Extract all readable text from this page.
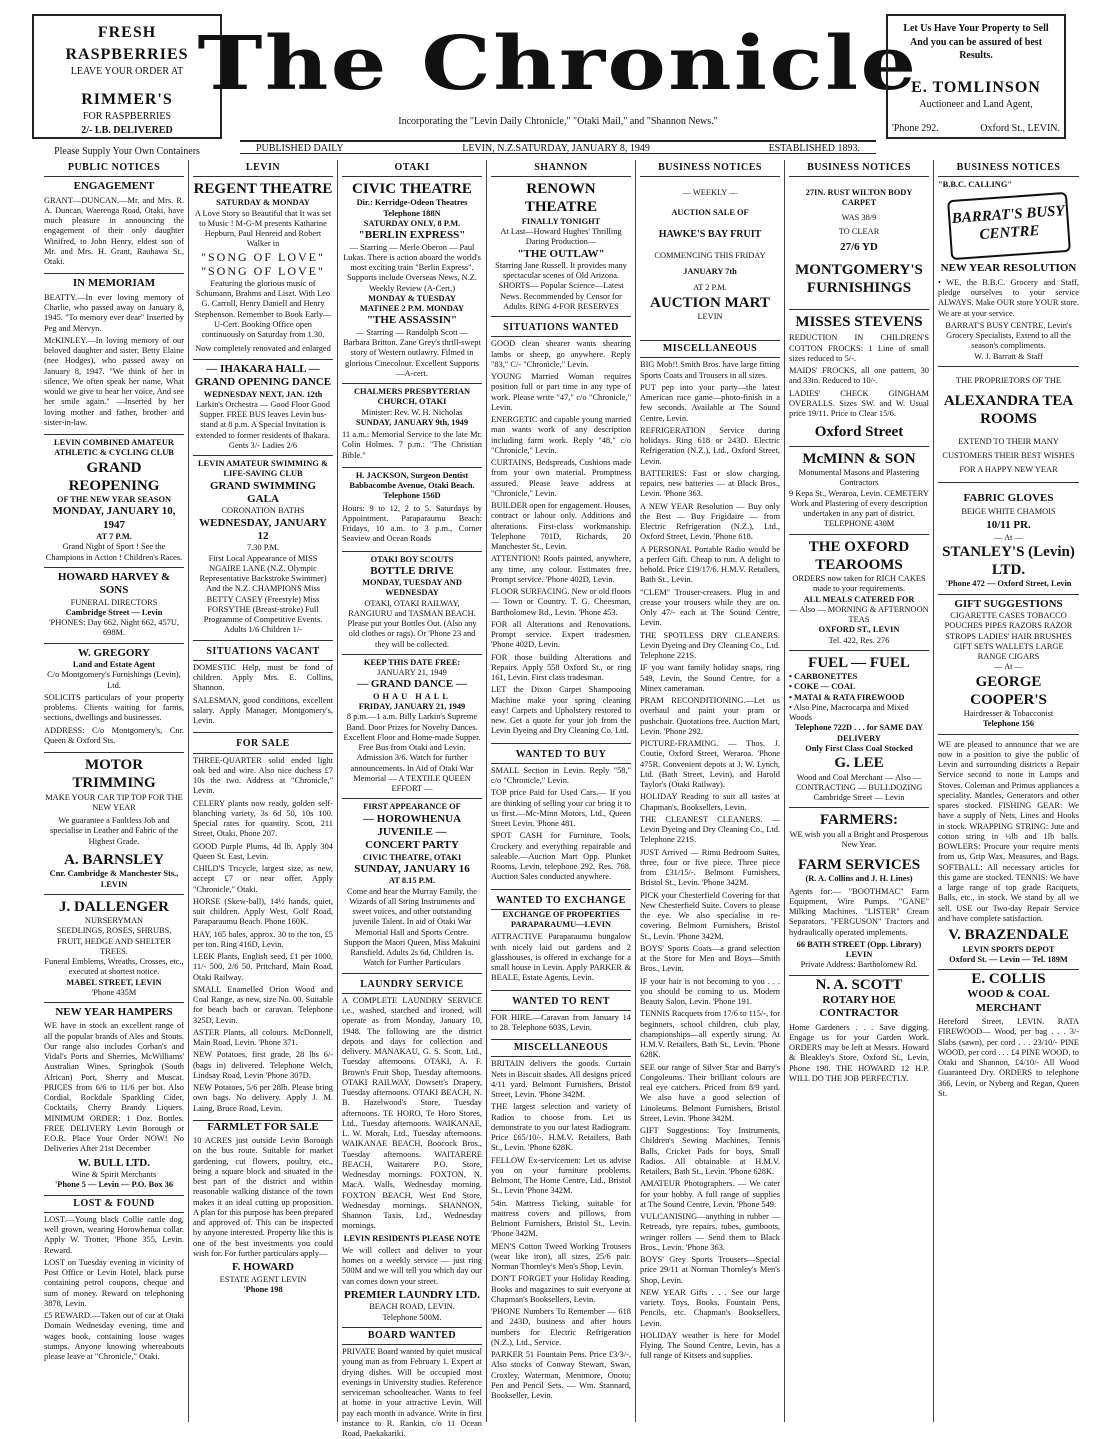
FRESH RASPBERRIES
LEAVE YOUR ORDER AT
RIMMER'S
FOR RASPBERRIES
2/- LB. DELIVERED
Please Supply Your Own Containers
The Chronicle
Incorporating the "Levin Daily Chronicle," "Otaki Mail," and "Shannon News."
PUBLISHED DAILY	LEVIN, N.Z.SATURDAY, JANUARY 8, 1949	ESTABLISHED 1893.
Let Us Have Your Property to Sell
And you can be assured of best Results.
E. TOMLINSON
Auctioneer and Land Agent,
'Phone 292.	Oxford St., LEVIN.
PUBLIC NOTICES
ENGAGEMENT
GRANT—DUNCAN.—Mr. and Mrs. R. A. Duncan, Waerenga Road, Otaki, have much pleasure in announcing the engagement of their only daughter Winifred, to John Henry, eldest son of Mr. and Mrs. H. Grant, Rauhawa St., Otaki.
IN MEMORIAM
BEATTY.—In ever loving memory of Charlie, who passed away on January 8, 1945. "To memory ever dear" Inserted by Peg and Mervyn.
McKINLEY.—In loving memory of our beloved daughter and sister, Betty Elaine (nee Hodges), who passed away on January 8, 1947. "We think of her in silence, We often speak her name, What would we give to hear her voice, And see her smile again." —Inserted by her loving mother and father, brother and sister-in-law.
LEVIN COMBINED AMATEUR ATHLETIC & CYCLING CLUB
GRAND REOPENING
OF THE NEW YEAR SEASON
MONDAY, JANUARY 10, 1947
AT 7 P.M.
Grand Night of Sport ! See the Champions in Action ! Children's Races.
HOWARD HARVEY & SONS
FUNERAL DIRECTORS
Cambridge Street — Levin
'PHONES: Day 662, Night 662, 457U, 698M.
W. GREGORY
Land and Estate Agent
C/o Montgomery's Furnishings (Levin), Ltd.
SOLICITS particulars of your property problems. Clients waiting for farms, sections, dwellings and businesses.
ADDRESS: C/o Montgomery's, Cnr. Queen & Oxford Sts.
MOTOR TRIMMING
MAKE YOUR CAR TIP TOP FOR THE NEW YEAR
We guarantee a Faultless Job and specialise in Leather and Fabric of the Highest Grade.
A. BARNSLEY
Cnr. Cambridge & Manchester Sts., LEVIN
J. DALLENGER
NURSERYMAN
SEEDLINGS, ROSES, SHRUBS, FRUIT, HEDGE AND SHELTER TREES.
Funeral Emblems, Wreaths, Crosses, etc., executed at shortest notice.
MABEL STREET, LEVIN
'Phone 435M
NEW YEAR HAMPERS
WE have in stock an excellent range of all the popular brands of Ales and Stouts. Our range also includes Corban's and Vidal's Ports and Sherries, McWilliams' Australian Wines, Springbok (South African) Port, Sherry and Muscat. PRICES from 6/6 to 11/6 per bot. Also Cordial, Rockdale Sparkling Cider, Cocktails, Cherry Brandy Liquers. MINIMUM ORDER: 1 Doz. Bottles. FREE DELIVERY Levin Borough or F.O.R. Place Your Order NOW! No Deliveries After 21st December
W. BULL LTD.
Wine & Spirit Merchants
'Phone 5 — Levin — P.O. Box 36
LOST & FOUND
LOST.—Young black Collie cattle dog, well grown, wearing Horowhenua collar. Apply W. Trotter, 'Phone 355, Levin. Reward.
LOST on Tuesday evening in vicinity of Post Office or Levin Hotel, black purse containing petrol coupons, cheque and sum of money. Reward on telephoning 3878, Levin.
£5 REWARD.—Taken out of car at Otaki Domain Wednesday evening, time and wages book, containing loose wages stamps. Anyone knowing whereabouts please leave at "Chronicle," Otaki.
LEVIN
REGENT THEATRE
SATURDAY & MONDAY
A Love Story so Beautiful that It was set to Music ! M-G-M presents Katharine Hepburn, Paul Henreid and Robert Walker in
"SONG OF LOVE"
"SONG OF LOVE"
Featuring the glorious music of Schumann, Brahms and Liszt. With Leo G. Carroll, Henry Daniell and Henry Stephenson. Remember to Book Early—U-Cert. Booking Office open continuously on Saturday from 1.30.
Now completely renovated and enlarged
— IHAKARA HALL —
GRAND OPENING DANCE
WEDNESDAY NEXT, JAN. 12th
Larkin's Orchestra — Good Floor Good Supper. FREE BUS leaves Levin bus-stand at 8 p.m. A Special Invitation is extended to former residents of Ihakara.
Gents 3/- Ladies 2/6
LEVIN AMATEUR SWIMMING & LIFE-SAVING CLUB
GRAND SWIMMING GALA
CORONATION BATHS
WEDNESDAY, JANUARY 12
7.30 P.M.
First Local Appearance of MISS NGAIRE LANE (N.Z. Olympic Representative Backstroke Swimmer) And the N.Z. CHAMPIONS Miss BETTY CASEY (Freestyle) Miss FORSYTHE (Breast-stroke) Full Programme of Competitive Events.
Adults 1/6 Children 1/-
SITUATIONS VACANT
DOMESTIC Help, must be fond of children. Apply Mrs. E. Collins, Shannon.
SALESMAN, good conditions, excellent salary. Apply Manager, Montgomery's, Levin.
FOR SALE
THREE-QUARTER solid ended light oak bed and wire. Also nice duchess £7 10s the two. Address at "Chronicle," Levin.
CELERY plants now ready, golden self-blanching variety, 3s 6d 50, 10s 100. Special rates for quantity. Scott, 211 Street, Otaki. Phone 207.
GOOD Purple Plums, 4d lb. Apply 304 Queen St. East, Levin.
CHILD'S Tricycle, largest size, as new, accept £7 or near offer. Apply "Chronicle," Otaki.
HORSE (Skew-ball), 14½ hands, quiet, suit children. Apply West, Golf Road, Paraparaumu Beach. Phone 160K.
HAY, 165 bales, approx. 30 to the ton, £5 per ton. Ring 416D, Levin.
LEEK Plants, English seed, £1 per 1000, 11/- 500, 2/6 50. Pritchard, Main Road, Otaki Railway.
SMALL Enamelled Orion Wood and Coal Range, as new, size No. 00. Suitable for beach bach or caravan. Telephone 325D, Levin.
ASTER Plants, all colours. McDonnell, Main Road, Levin. 'Phone 371.
NEW Potatoes, first grade, 28 lbs 6/- (bags in) delivered. Telephone Welch, Lindsay Road, Levin 'Phone 307D.
NEW Potatoes, 5/6 per 28lb. Please bring own bags. No delivery. Apply J. M. Laing, Bruce Road, Levin.
FARMLET FOR SALE
10 ACRES just outside Levin Borough on the bus route. Suitable for market gardening, cut flowers, poultry, etc., being a square block and situated in the best part of the district and within reasonable walking distance of the town makes it an ideal cutting up proposition. A plan for this purpose has been prepared and approved of. This can be inspected by anyone interested. Property like this is one of the best investments you could wish for. For further particulars apply—
F. HOWARD
ESTATE AGENT LEVIN
'Phone 198
OTAKI
CIVIC THEATRE
Dir.: Kerridge-Odeon Theatres Telephone 188N
SATURDAY ONLY, 8 P.M.
"BERLIN EXPRESS"
— Starring — Merle Oberon — Paul Lukas. There is action aboard the world's most exciting train "Berlin Express". Supports include Overseas News, N.Z. Weekly Review (A-Cert.)
MONDAY & TUESDAY
MATINEE 2 P.M. MONDAY
"THE ASSASSIN"
— Starring — Randolph Scott — Barbara Britton. Zane Grey's thrill-swept story of Western outlawry. Filmed in glorious Cinecolour. Excellent Supports—A-cert.
CHALMERS PRESBYTERIAN CHURCH, OTAKI
Minister: Rev. W. H. Nicholas
SUNDAY, JANUARY 9th, 1949
11 a.m.: Memorial Service to the late Mr. Colin Holmes. 7 p.m.: "The Christian Bible."
H. JACKSON, Surgeon Dentist
Babbacombe Avenue, Otaki Beach. Telephone 156D
Hours: 9 to 12, 2 to 5. Saturdays by Appointment. Paraparaumu Beach: Fridays, 10 a.m. to 3 p.m., Corner Seaview and Ocean Roads
OTAKI BOY SCOUTS
BOTTLE DRIVE
MONDAY, TUESDAY AND WEDNESDAY
OTAKI, OTAKI RAILWAY, RANGIURU and TASMAN BEACH. Please put your Bottles Out. (Also any old clothes or rags). Or 'Phone 23 and they will be collected.
KEEP THIS DATE FREE:
JANUARY 21, 1949
— GRAND DANCE —
OHAU HALL
FRIDAY, JANUARY 21, 1949
8 p.m.—1 a.m. Billy Larkin's Supreme Band. Door Prizes for Novelty Dances. Excellent Floor and Home-made Supper. Free Bus from Otaki and Levin. Admission 3/6. Watch for further announcements. In Aid of Otaki War Memorial — A TEXTILE QUEEN EFFORT —
FIRST APPEARANCE OF
— HOROWHENUA JUVENILE —
CONCERT PARTY
CIVIC THEATRE, OTAKI
SUNDAY, JANUARY 16
AT 8.15 P.M.
Come and hear the Murray Family, the Wizards of all String Instruments and sweet voices, and other outstanding juvenile Talent. In aid of Otaki War Memorial Hall and Sports Centre. Support the Maori Queen, Miss Makuini Ransfield. Adults 2s 6d, Children 1s. Watch for Further Particulars
LAUNDRY SERVICE
A COMPLETE LAUNDRY SERVICE i.e., washed, starched and ironed, will operate as from Monday, January 10, 1948. The following are the district depots and days for collection and delivery. MANAKAU, G. S. Scott, Ltd., Tuesday afternoons. OTAKI, A. F. Brown's Fruit Shop, Tuesday afternoons. OTAKI RAILWAY, Dowsett's Drapery, Tuesday afternoons. OTAKI BEACH, N. B. Hazelwood's Store, Tuesday afternoons. TE HORO, Te Horo Stores, Ltd., Tuesday afternoons. WAIKANAE, L. W. Morah, Ltd., Tuesday afternoons. WAIKANAE BEACH, Boocock Bros., Tuesday afternoons. WAITARERE BEACH, Waitarere P.O. Store, Wednesday mornings. FOXTON, N. MacA. Walls, Wednesday morning. FOXTON BEACH, West End Store, Wednesday mornings. SHANNON, Shannon Taxis, Ltd., Wednesday mornings.
LEVIN RESIDENTS PLEASE NOTE
We will collect and deliver to your homes on a weekly service — just ring 500M and we will tell you which day our van comes down your street.
PREMIER LAUNDRY LTD.
BEACH ROAD, LEVIN.
Telephone 500M.
BOARD WANTED
PRIVATE Board wanted by quiet musical young man as from February 1. Expert at drying dishes. Will be occupied most evenings in University studies. Reference serviceman schoolteacher. Wants to feel at home in your attractive Levin. Will pay each month in advance. Write in first instance to R. Rankin, c/o 11 Ocean Road, Paekakariki.
SHANNON
RENOWN THEATRE
FINALLY TONIGHT
At Last—Howard Hughes' Thrilling Daring Production—
"THE OUTLAW"
Starring Jane Russell. It provides many spectacular scenes of Old Arizona. SHORTS— Popular Science—Latest News. Recommended by Censor for Adults. RING 4-FOR RESERVES
SITUATIONS WANTED
GOOD clean shearer wants shearing lambs or sheep, go anywhere. Reply "83," C/- "Chronicle," Levin.
YOUNG Married Woman requires position full or part time in any type of work. Please write "47," c/o "Chronicle," Levin.
ENERGETIC and capable young married man wants work of any description including farm work. Reply "48," c/o "Chronicle," Levin.
CURTAINS, Bedspreads, Cushions made from your own material. Promptness assured. Please leave address at "Chronicle," Levin.
BUILDER open for engagement. Houses, contract or labour only. Additions and alterations. First-class workmanship. Telephone 701D, Richards, 20 Manchester St., Levin.
ATTENTION! Roofs painted, anywhere, any time, any colour. Estimates free. Prompt service. 'Phone 402D, Levin.
FLOOR SURFACING. New or old floors — Town or Country. T. G. Cheesman, Bartholomew Rd., Levin. 'Phone 453.
FOR all Alterations and Renovations. Prompt service. Expert tradesmen. 'Phone 402D, Levin.
FOR those building Alterations and Repairs. Apply 558 Oxford St., or ring 161, Levin. First class tradesman.
LET the Dixon Carpet Shampooing Machine make your spring cleaning easy! Carpets and Upholstery restored to new. Get a quote for your job from the Levin Dyeing and Dry Cleaning Co. Ltd.
WANTED TO BUY
SMALL Section in Levin. Reply "58," c/o "Chronicle," Levin.
TOP price Paid for Used Cars.— If you are thinking of selling your car bring it to us first.—Mc-Minn Motors, Ltd., Queen Street Levin. 'Phone 481.
SPOT CASH for Furniture, Tools, Crockery and everything repairable and saleable.—Auction Mart Opp. Plunket Rooms, Levin, telephone 292, Res. 768. Auction Sales conducted anywhere.
WANTED TO EXCHANGE
EXCHANGE OF PROPERTIES
PARAPARAUMU—LEVIN
ATTRACTIVE Paraparaumu bungalow with nicely laid out gardens and 2 glasshouses, is offered in exchange for a small house in Levin. Apply PARKER & BEALE, Estate Agents, Levin.
WANTED TO RENT
FOR HIRE.—Caravan from January 14 to 28. Telephone 603S, Levin.
MISCELLANEOUS
BRITAIN delivers the goods. Curtain Nets in Biscuit shades. All designs priced 4/11 yard. Belmont Furnishers, Bristol Street, Levin. 'Phone 342M.
THE largest selection and variety of Radios to choose from. Let us demonstrate to you our latest Radiogram. Price £65/10/-. H.M.V. Retailers, Bath St., Levin. 'Phone 628K.
FELLOW Ex-servicemen: Let us advise you on your furniture problems. Belmont, The Home Centre, Ltd., Bristol St., Levin 'Phone 342M.
54in. Mattress Ticking, suitable for mattress covers and pillows, from Belmont Furnishers, Bristol St., Levin. 'Phone 342M.
MEN'S Cotton Tweed Working Trousers (wear like iron), all sizes, 25/6 pair. Norman Thornley's Men's Shop, Levin.
DON'T FORGET your Holiday Reading. Books and magazines to suit everyone at Chapman's Booksellers, Levin.
'PHONE Numbers To Remember — 618 and 243D, business and after hours numbers for Electric Refrigeration (N.Z.), Ltd., Service.
PARKER 51 Fountain Pens. Price £3/3/-. Also stocks of Conway Stewart, Swan, Croxley, Waterman, Mentmore, Onoto; Pen and Pencil Sets. — Wm. Stannard, Bookseller, Levin.
BUSINESS NOTICES
— WEEKLY —
AUCTION SALE OF
HAWKE'S BAY FRUIT
COMMENCING THIS FRIDAY
JANUARY 7th
AT 2 P.M.
AUCTION MART
LEVIN
MISCELLANEOUS
BIG Mob!! Smith Bros. have large fitting Sports Coats and Trousers in all sizes.
PUT pep into your party—the latest American race game—photo-finish in a few seconds. Available at The Sound Centre, Levin.
REFRIGERATION Service during holidays. Ring 618 or 243D. Electric Refrigeration (N.Z.), Ltd., Oxford Street, Levin.
BATTERIES: Fast or slow charging, repairs, new batteries — at Black Bros., Levin. 'Phone 363.
A NEW YEAR Resolution — Buy only the Best — Buy Frigidaire — from Electric Refrigeration (N.Z.), Ltd., Oxford Street, Levin. 'Phone 618.
A PERSONAL Portable Radio would be a perfect Gift. Cheap to run. A delight to behold. Price £19/17/6. H.M.V. Retailers, Bath St., Levin.
"CLEM" Trouser-creasers. Plug in and crease your trousers while they are on. Only 47/- each at The Sound Centre, Levin.
THE SPOTLESS DRY CLEANERS. Levin Dyeing and Dry Cleaning Co., Ltd. Telephone 221S.
IF you want family holiday snaps, ring 549, Levin, the Sound Centre, for a Minex cameraman.
PRAM RECONDITIONING.—Let us overhaul and paint your pram or pushchair. Quotations free. Auction Mart, Levin. 'Phone 292.
PICTURE-FRAMING. — Thos. J. Coutie, Oxford Street, Weraroa. 'Phone 475R. Convenient depots at J. W. Lynch, Ltd. (Bath Street, Levin), and Harold Taylor's (Otaki Railway).
HOLIDAY Reading to suit all tastes at Chapman's, Booksellers, Levin.
THE CLEANEST CLEANERS. — Levin Dyeing and Dry Cleaning Co., Ltd. Telephone 221S.
JUST Arrived — Rimu Bedroom Suites, three, four or five piece. Three piece from £31/15/-. Belmont Furnishers, Bristol St., Levin. 'Phone 342M.
PICK your Chesterfield Covering for that New Chesterfield Suite. Covers to please the eye. We also specialise in re-covering. Belmont Furnishers, Bristol St., Levin. 'Phone 342M.
BOYS' Sports Coats—a grand selection at the Store for Men and Boys—Smith Bros., Levin.
IF your hair is not becoming to you . . . you should be coming to us. Modern Beauty Salon, Levin. 'Phone 191.
TENNIS Racquets from 17/6 to 115/-, for beginners, school children, club play, championships—all expertly strung. At H.M.V. Retailers, Bath St., Levin. 'Phone 628K.
SEE our range of Silver Star and Barry's Congoleums. Their brilliant colours are real eye catchers. Priced from 8/9 yard. We also have a good selection of Linoleums. Belmont Furnishers, Bristol Street, Levin. 'Phone 342M.
GIFT Suggestions: Toy Instruments, Children's Sewing Machines, Tennis Balls, Cricket Pads for boys, Small Radios. All obtainable at H.M.V. Retailers, Bath St., Levin. 'Phone 628K.
AMATEUR Photographers. — We cater for your hobby. A full range of supplies at The Sound Centre, Levin. 'Phone 549.
VULCANISING—anything in rubber — Retreads, tyre repairs, tubes, gumboots, wringer rollers — Send them to Black Bros., Levin. 'Phone 363.
BOYS' Grey Sports Trousers—Special price 29/11 at Norman Thornley's Men's Shop, Levin.
NEW YEAR Gifts . . . See our large variety. Toys, Books, Fountain Pens, Pencils, etc. Chapman's Booksellers, Levin.
HOLIDAY weather is here for Model Flying. The Sound Centre, Levin, has a full range of Kitsets and supplies.
BUSINESS NOTICES
27IN. RUST WILTON BODY CARPET
WAS 38/9
TO CLEAR
27/6 YD
MONTGOMERY'S
FURNISHINGS
MISSES STEVENS
REDUCTION IN CHILDREN'S COTTON FROCKS: 1 Line of small sizes reduced to 5/-.
MAIDS' FROCKS, all one pattern, 30 and 33in. Reduced to 10/-.
LADIES' CHECK GINGHAM OVERALLS. Sizes SW. and W. Usual price 19/11. Price to Clear 15/6.
Oxford Street
McMINN & SON
Monumental Masons and Plastering Contractors
9 Kepa St., Weraroa, Levin. CEMETERY Work and Plastering of every description undertaken in any part of district. TELEPHONE 430M
THE OXFORD TEAROOMS
ORDERS now taken for RICH CAKES made to your requirements.
ALL MEALS CATERED FOR
— Also — MORNING & AFTERNOON TEAS
OXFORD ST., LEVIN
Tel. 422, Res. 276
FUEL — FUEL
• CARBONETTES
• COKE — COAL
• MATAI & RATA FIREWOOD
• Also Pine, Macrocarpa and Mixed Woods
Telephone 722D . . . for SAME DAY DELIVERY
Only First Class Coal Stocked
G. LEE
Wood and Coal Merchant — Also — CONTRACTING — BULLDOZING
Cambridge Street — Levin
FARMERS:
WE wish you all a Bright and Prosperous New Year.
FARM SERVICES
(R. A. Collins and J. H. Lines)
Agents for:— "BOOTHMAC" Farm Equipment, Wire Pumps. "GANE" Milking Machines. "LISTER" Cream Separators. "FERGUSON" Tractors and hydraulically operated implements.
66 BATH STREET (Opp. Library) LEVIN
Private Address: Bartholomew Rd.
N. A. SCOTT
ROTARY HOE CONTRACTOR
Home Gardeners . . . Save digging. Engage us for your Garden Work. ORDERS may be left at Messrs. Howard & Bleakley's Store, Oxford St., Levin, Phone 198. THE HOWARD 12 H.P. WILL DO THE JOB PERFECTLY.
BUSINESS NOTICES
"B.B.C. CALLING"
BARRAT'S BUSY CENTRE
NEW YEAR RESOLUTION
• WE, the B.B.C. Grocery and Staff, pledge ourselves to your service ALWAYS. Make OUR store YOUR store. We are at your service.
BARRAT'S BUSY CENTRE, Levin's Grocery Specialists, Extend to all the season's compliments.
W. J. Barratt & Staff
THE PROPRIETORS OF THE
ALEXANDRA TEA ROOMS
EXTEND TO THEIR MANY CUSTOMERS THEIR BEST WISHES FOR A HAPPY NEW YEAR
FABRIC GLOVES
BEIGE WHITE CHAMOIS
10/11 PR.
— At —
STANLEY'S (Levin) LTD.
'Phone 472 — Oxford Street, Levin
GIFT SUGGESTIONS
CIGARETTE CASES TOBACCO POUCHES PIPES RAZORS RAZOR STROPS LADIES' HAIR BRUSHES GIFT SETS WALLETS LARGE RANGE CIGARS
— At —
GEORGE COOPER'S
Hairdresser & Tobacconist
Telephone 156
WE are pleased to announce that we are now in a position to give the public of Levin and surrounding districts a Repair Service second to none in Lamps and Stoves. Coleman and Primus appliances a speciality. Mantles, Generators and other spares stocked. FISHING GEAR: We have a supply of Nets, Lines and Hooks in stock. WRAPPING STRING: Jute and cotton string in ½lb and 1lb balls. BOWLERS: Procure your require ments from us, Grip Wax, Measures, and Bags. SOFTBALL: All necessary articles for this game are stocked. TENNIS: We have a large range of top grade Racquets, Balls, etc., in stock. We stand by all we sell. USE our Two-day Repair Service and have complete satisfaction.
V. BRAZENDALE
LEVIN SPORTS DEPOT
Oxford St. — Levin — Tel. 189M
E. COLLIS
WOOD & COAL MERCHANT
Hereford Street, LEVIN. RATA FIREWOOD— Wood, per bag . . . 3/- Slabs (sawn), per cord . . . 23/10/- PINE WOOD, per cord . . . £4 PINE WOOD, to Otaki and Shannon, £4/10/- All Wood Guaranteed Dry. ORDERS to telephone 366, Levin, or Nyberg and Regan, Queen St.
